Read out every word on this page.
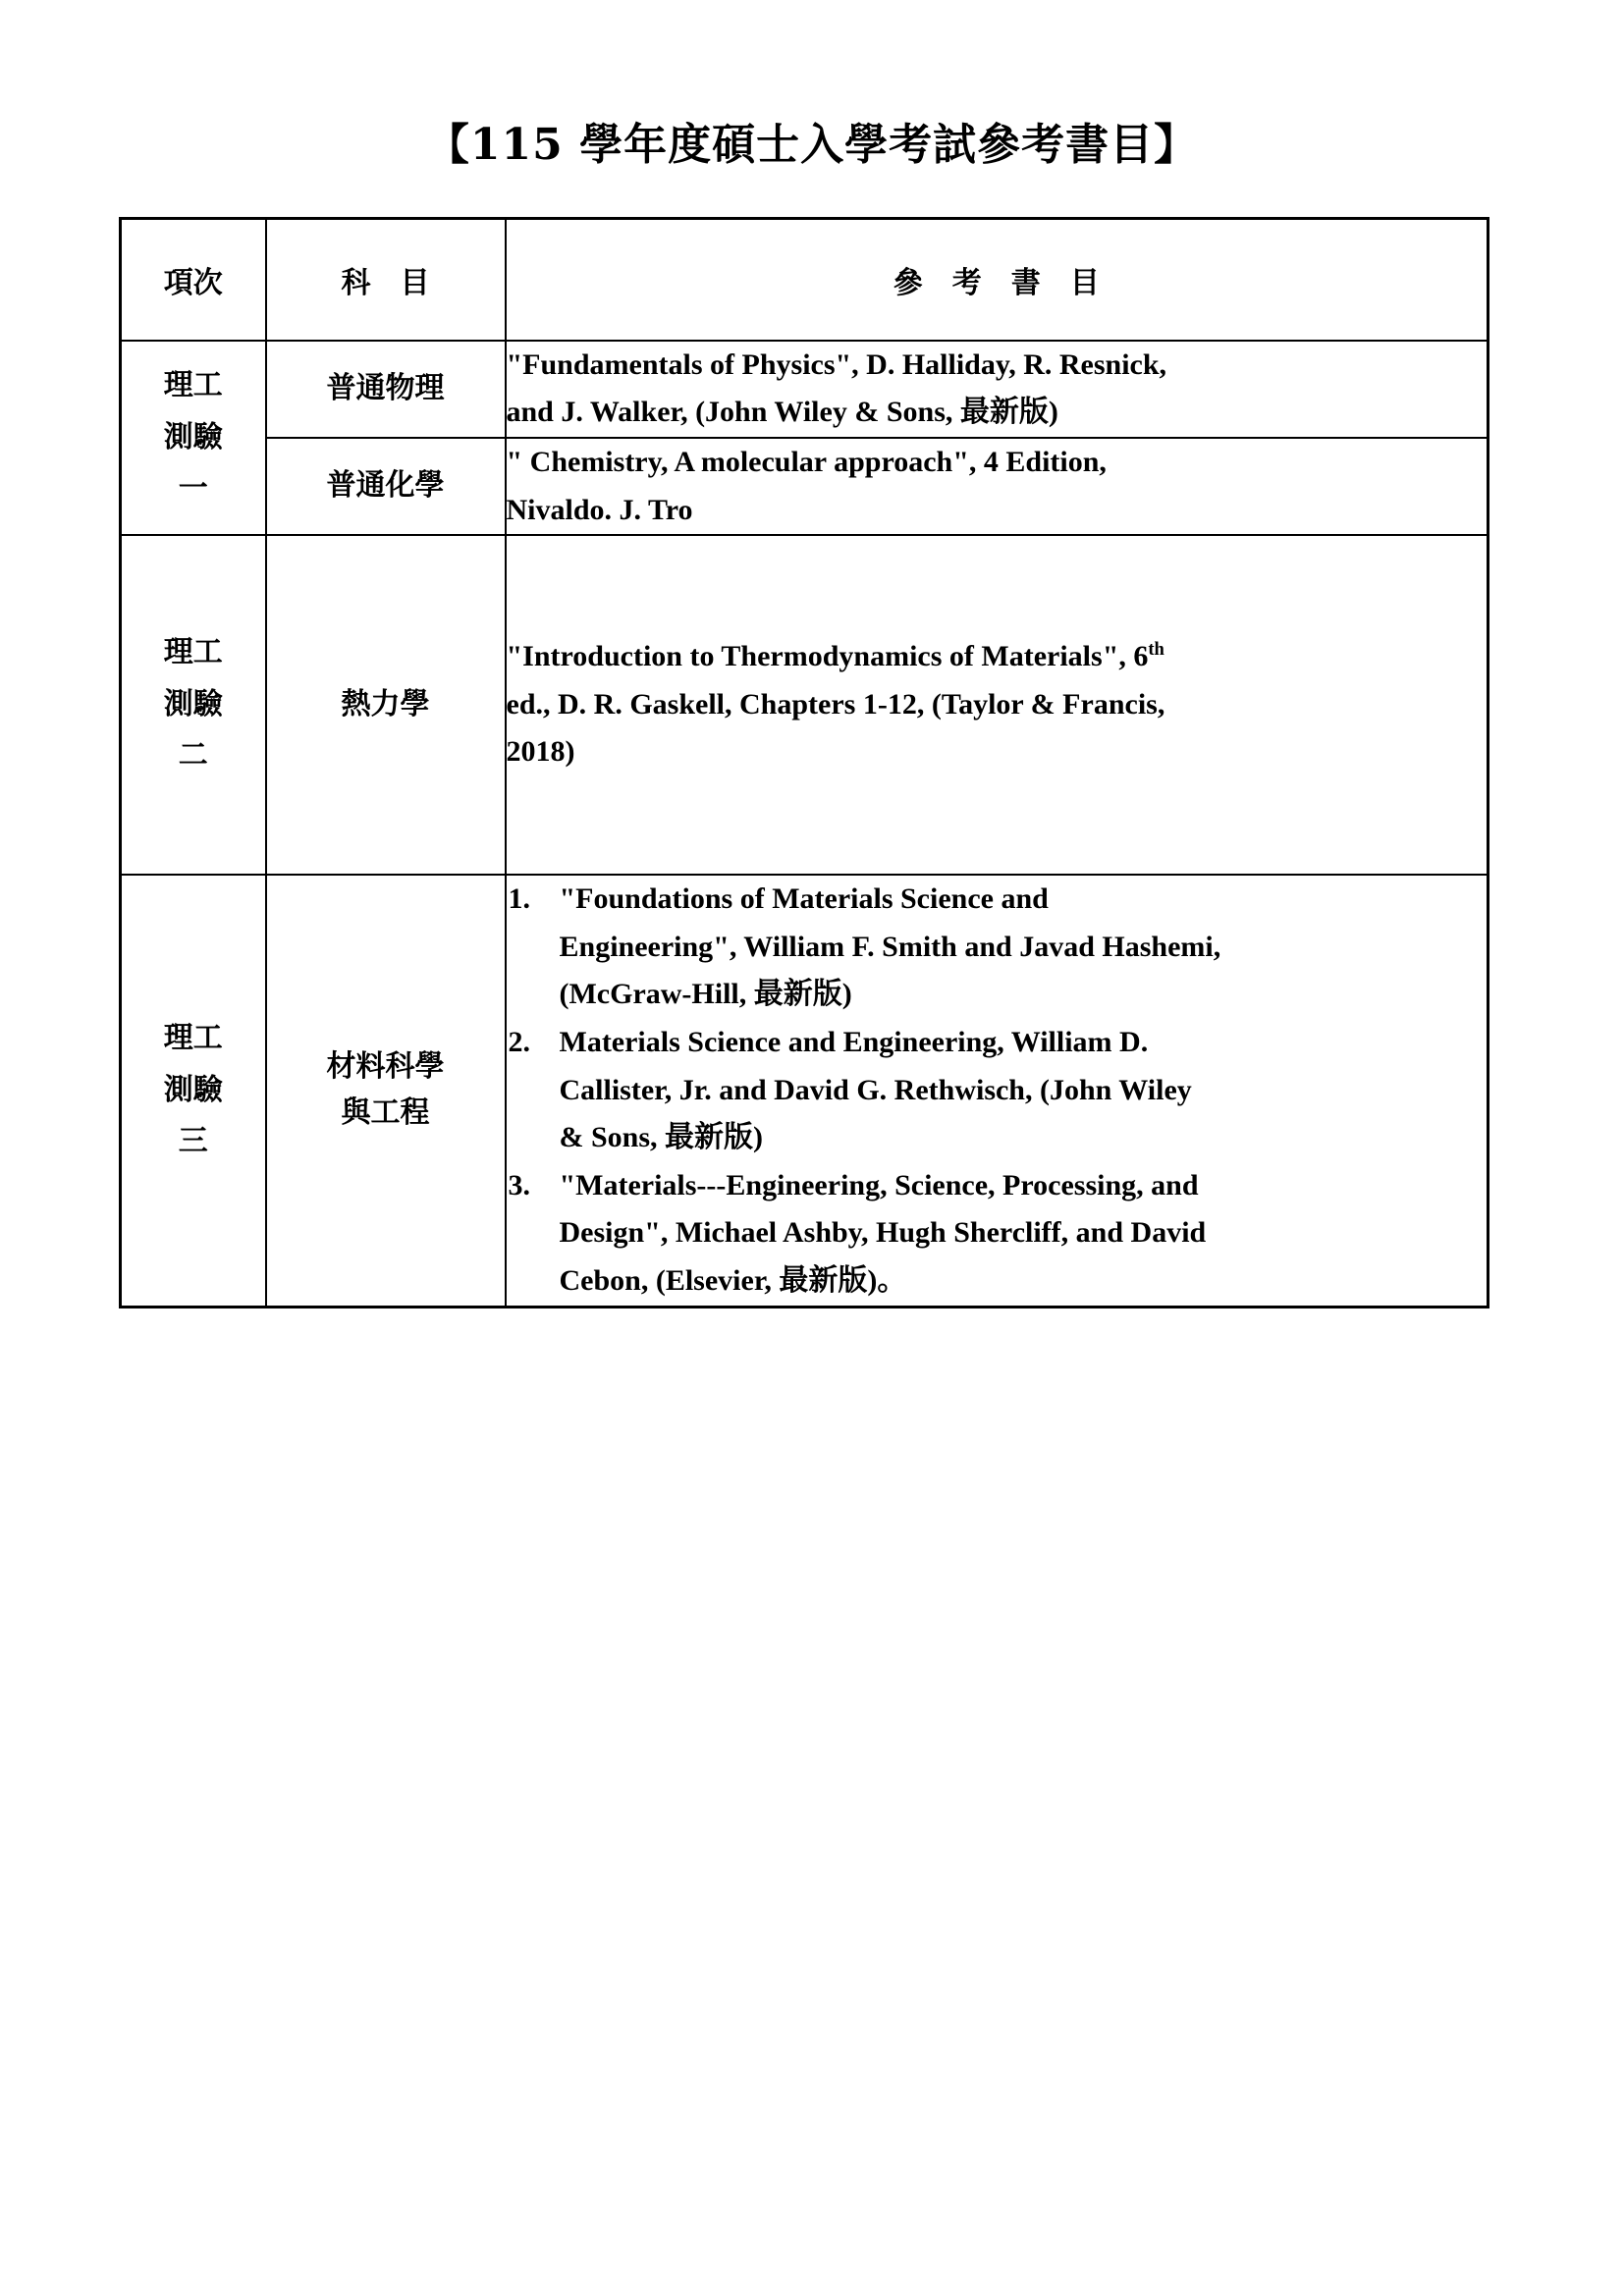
【115 學年度碩士入學考試參考書目】
項次	科　目	參　考　書　目

理工
測驗
一
	普通物理	

"Fundamentals of Physics", D. Halliday, R. Resnick,

and J. Walker, (John Wiley & Sons, 最新版)

	普通化學	" Chemistry, A molecular approach", 4 Edition,

Nivaldo. J. Tro

理工
測驗
二
	熱力學	

"Introduction to Thermodynamics of Materials", 6th

ed., D. R. Gaskell, Chapters 1-12, (Taylor & Francis,

2018)

理工
測驗
三

材料科學
與工程

1. "Foundations of Materials Science and

Engineering", William F. Smith and Javad Hashemi,

(McGraw-Hill, 最新版)

2. Materials Science and Engineering, William D.

Callister, Jr. and David G. Rethwisch, (John Wiley

& Sons, 最新版)

3. "Materials---Engineering, Science, Processing, and

Design", Michael Ashby, Hugh Shercliff, and David

Cebon, (Elsevier, 最新版)。
